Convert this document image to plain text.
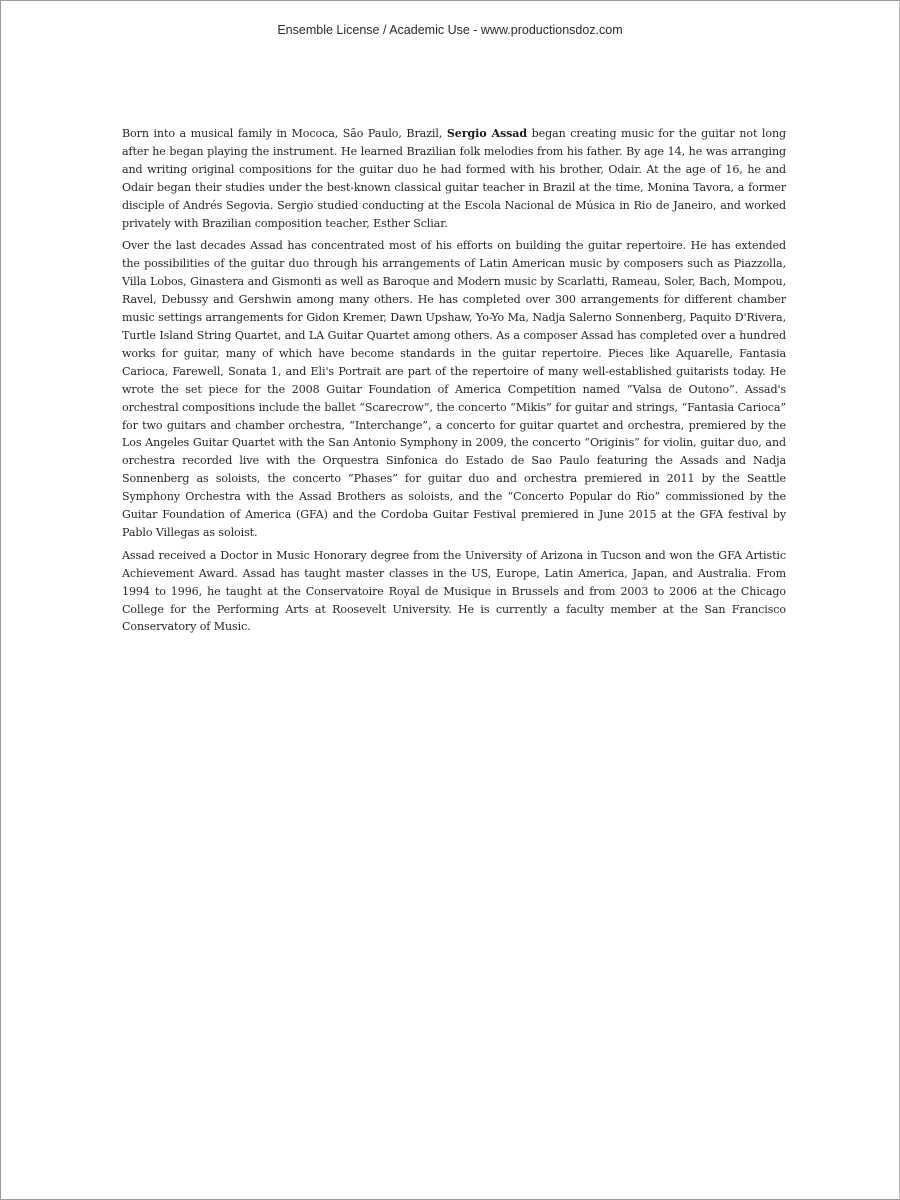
Ensemble License / Academic Use - www.productionsdoz.com

Born into a musical family in Mococa, São Paulo, Brazil, Sergio Assad began creating music for the guitar not long after he began playing the instrument. He learned Brazilian folk melodies from his father. By age 14, he was arranging and writing original compositions for the guitar duo he had formed with his brother, Odair. At the age of 16, he and Odair began their studies under the best-known classical guitar teacher in Brazil at the time, Monina Tavora, a former disciple of Andrés Segovia. Sergio studied conducting at the Escola Nacional de Música in Rio de Janeiro, and worked privately with Brazilian composition teacher, Esther Scliar.

Over the last decades Assad has concentrated most of his efforts on building the guitar repertoire. He has extended the possibilities of the guitar duo through his arrangements of Latin American music by composers such as Piazzolla, Villa Lobos, Ginastera and Gismonti as well as Baroque and Modern music by Scarlatti, Rameau, Soler, Bach, Mompou, Ravel, Debussy and Gershwin among many others. He has completed over 300 arrangements for different chamber music settings arrangements for Gidon Kremer, Dawn Upshaw, Yo-Yo Ma, Nadja Salerno Sonnenberg, Paquito D'Rivera, Turtle Island String Quartet, and LA Guitar Quartet among others. As a composer Assad has completed over a hundred works for guitar, many of which have become standards in the guitar repertoire. Pieces like Aquarelle, Fantasia Carioca, Farewell, Sonata 1, and Eli's Portrait are part of the repertoire of many well-established guitarists today. He wrote the set piece for the 2008 Guitar Foundation of America Competition named “Valsa de Outono”. Assad's orchestral compositions include the ballet “Scarecrow”, the concerto “Mikis” for guitar and strings, “Fantasia Carioca” for two guitars and chamber orchestra, “Interchange”, a concerto for guitar quartet and orchestra, premiered by the Los Angeles Guitar Quartet with the San Antonio Symphony in 2009, the concerto “Originis” for violin, guitar duo, and orchestra recorded live with the Orquestra Sinfonica do Estado de Sao Paulo featuring the Assads and Nadja Sonnenberg as soloists, the concerto “Phases” for guitar duo and orchestra premiered in 2011 by the Seattle Symphony Orchestra with the Assad Brothers as soloists, and the “Concerto Popular do Rio” commissioned by the Guitar Foundation of America (GFA) and the Cordoba Guitar Festival premiered in June 2015 at the GFA festival by Pablo Villegas as soloist.

Assad received a Doctor in Music Honorary degree from the University of Arizona in Tucson and won the GFA Artistic Achievement Award. Assad has taught master classes in the US, Europe, Latin America, Japan, and Australia. From 1994 to 1996, he taught at the Conservatoire Royal de Musique in Brussels and from 2003 to 2006 at the Chicago College for the Performing Arts at Roosevelt University. He is currently a faculty member at the San Francisco Conservatory of Music.
